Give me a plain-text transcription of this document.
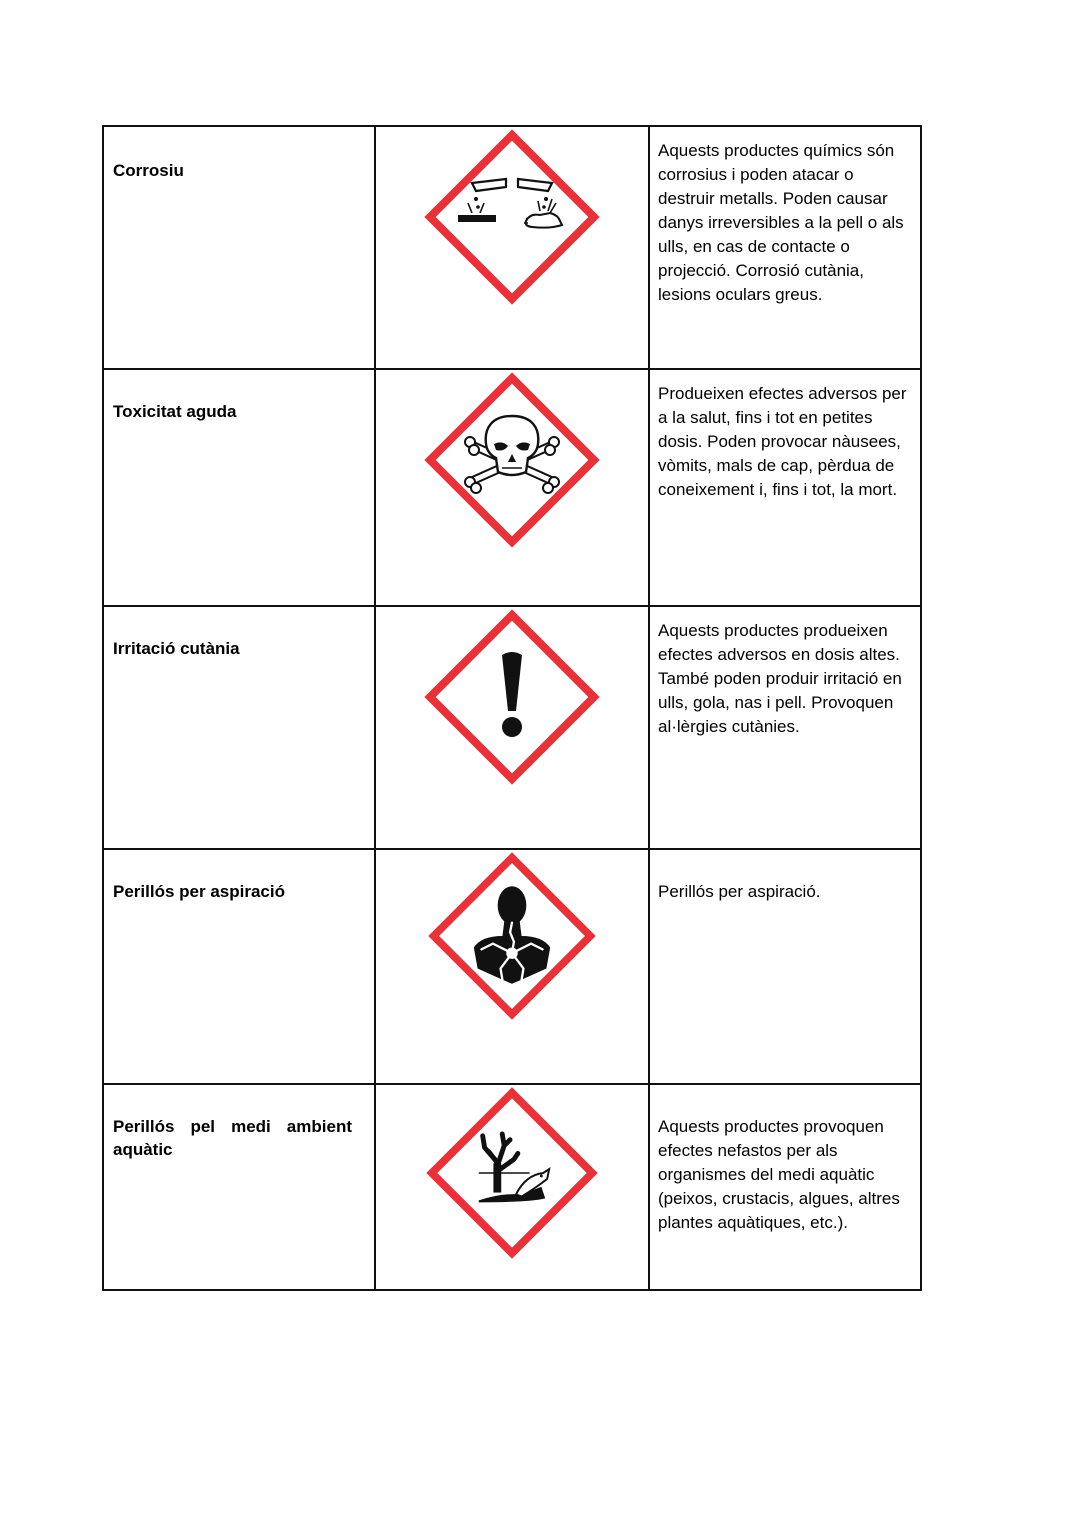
Corrosiu		Aquests productes químics són corrosius i poden atacar o destruir metalls. Poden causar danys irreversibles a la pell o als ulls, en cas de contacte o projecció. Corrosió cutània, lesions oculars greus.

Toxicitat aguda		Produeixen efectes adversos per a la salut, fins i tot en petites dosis. Poden provocar nàusees, vòmits, mals de cap, pèrdua de coneixement i, fins i tot, la mort.

Irritació cutània		Aquests productes produeixen efectes adversos en dosis altes. També poden produir irritació en ulls, gola, nas i pell. Provoquen al·lèrgies cutànies.

Perillós per aspiració		Perillós per aspiració.

Perillós pel medi ambient aquàtic		Aquests productes provoquen efectes nefastos per als organismes del medi aquàtic (peixos, crustacis, algues, altres plantes aquàtiques, etc.).
